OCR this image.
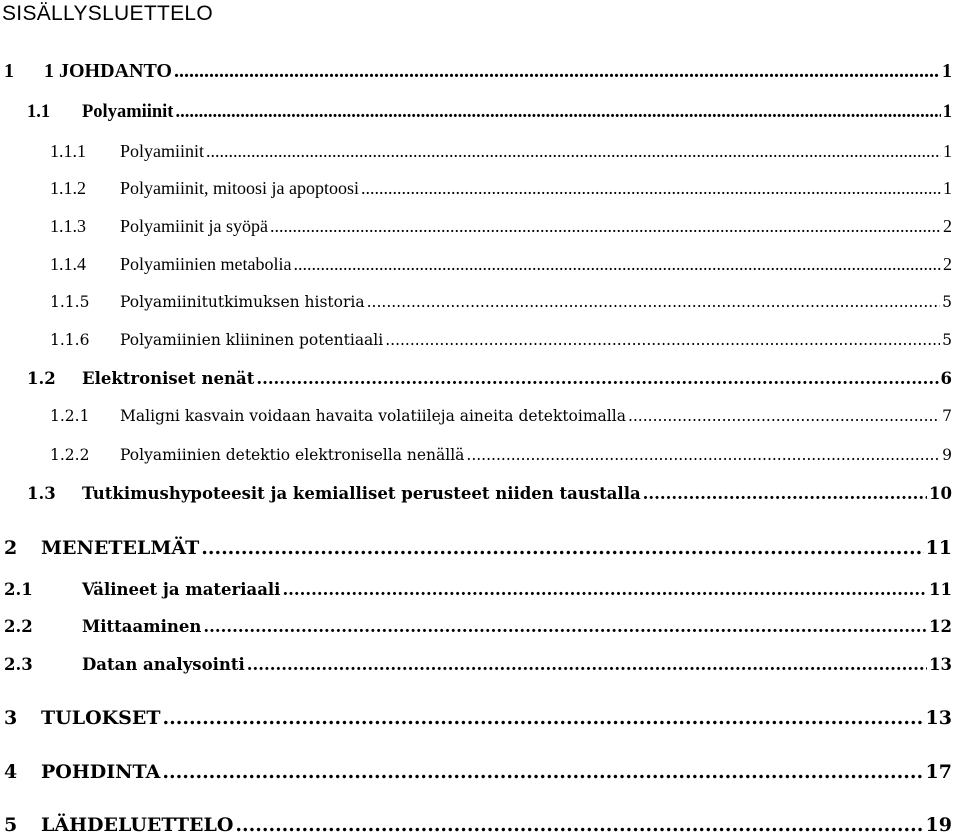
SISÄLLYSLUETTELO
1	1 JOHDANTO .....	1
1.1	Polyamiinit .....	1
1.1.1	Polyamiinit .....	1
1.1.2	Polyamiinit, mitoosi ja apoptoosi .....	1
1.1.3	Polyamiinit ja syöpä .....	2
1.1.4	Polyamiinien metabolia .....	2
1.1.5	Polyamiinitutkimuksen historia .....	5
1.1.6	Polyamiinien kliininen potentiaali .....	5
1.2	Elektroniset nenät .....	6
1.2.1	Maligni kasvain voidaan havaita volatiileja aineita detektoimalla .....	7
1.2.2	Polyamiinien detektio elektronisella nenällä .....	9
1.3	Tutkimushypoteesit ja kemialliset perusteet niiden taustalla .....	10
2	MENETELMÄT .....	11
2.1	Välineet ja materiaali .....	11
2.2	Mittaaminen .....	12
2.3	Datan analysointi .....	13
3	TULOKSET .....	13
4	POHDINTA .....	17
5	LÄHDELUETTELO .....	19
